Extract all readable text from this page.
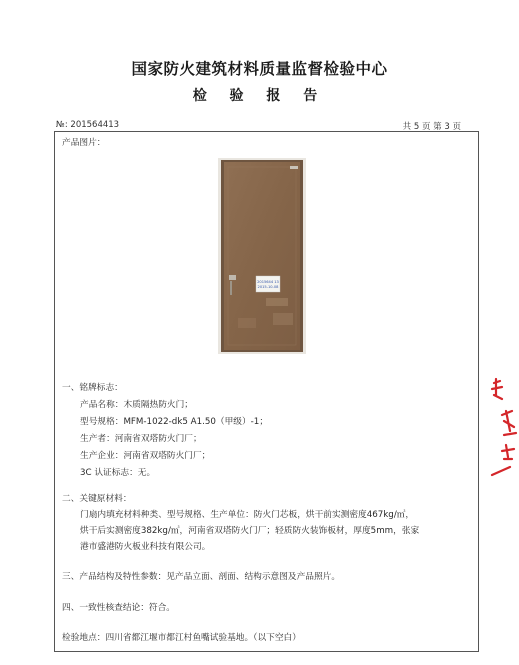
国家防火建筑材料质量监督检验中心
检 验 报 告
№: 201564413	共 5 页 第 3 页
产品图片：
2015644 13
2015-10-08
一、铭牌标志：
产品名称：木质隔热防火门；
型号规格：MFM-1022-dk5 A1.50（甲级）-1；
生产者：河南省双塔防火门厂；
生产企业：河南省双塔防火门厂；
3C 认证标志：无。
二、关键原材料：
门扇内填充材料种类、型号规格、生产单位：防火门芯板，烘干前实测密度467kg/㎥，
烘干后实测密度382kg/㎥，河南省双塔防火门厂；轻质防火装饰板材，厚度5mm，张家
港市盛港防火板业科技有限公司。
三、产品结构及特性参数：见产品立面、剖面、结构示意图及产品照片。
四、一致性核查结论：符合。
检验地点：四川省都江堰市都江村鱼嘴试验基地。（以下空白）
